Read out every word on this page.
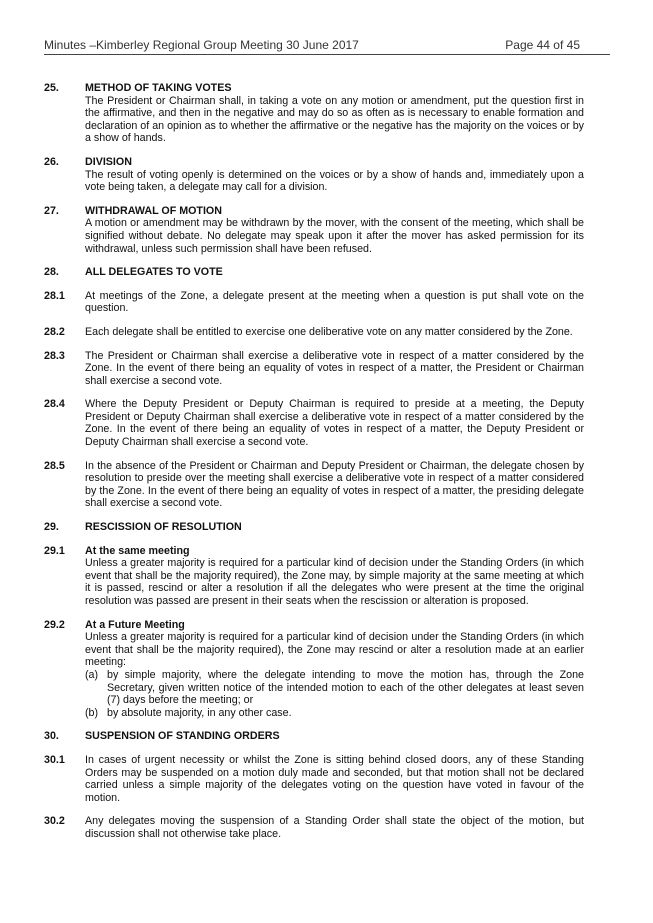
Minutes –Kimberley Regional Group Meeting 30 June 2017	Page 44 of 45
25. METHOD OF TAKING VOTES
The President or Chairman shall, in taking a vote on any motion or amendment, put the question first in the affirmative, and then in the negative and may do so as often as is necessary to enable formation and declaration of an opinion as to whether the affirmative or the negative has the majority on the voices or by a show of hands.
26. DIVISION
The result of voting openly is determined on the voices or by a show of hands and, immediately upon a vote being taken, a delegate may call for a division.
27. WITHDRAWAL OF MOTION
A motion or amendment may be withdrawn by the mover, with the consent of the meeting, which shall be signified without debate. No delegate may speak upon it after the mover has asked permission for its withdrawal, unless such permission shall have been refused.
28. ALL DELEGATES TO VOTE
28.1 At meetings of the Zone, a delegate present at the meeting when a question is put shall vote on the question.
28.2 Each delegate shall be entitled to exercise one deliberative vote on any matter considered by the Zone.
28.3 The President or Chairman shall exercise a deliberative vote in respect of a matter considered by the Zone. In the event of there being an equality of votes in respect of a matter, the President or Chairman shall exercise a second vote.
28.4 Where the Deputy President or Deputy Chairman is required to preside at a meeting, the Deputy President or Deputy Chairman shall exercise a deliberative vote in respect of a matter considered by the Zone. In the event of there being an equality of votes in respect of a matter, the Deputy President or Deputy Chairman shall exercise a second vote.
28.5 In the absence of the President or Chairman and Deputy President or Chairman, the delegate chosen by resolution to preside over the meeting shall exercise a deliberative vote in respect of a matter considered by the Zone. In the event of there being an equality of votes in respect of a matter, the presiding delegate shall exercise a second vote.
29. RESCISSION OF RESOLUTION
29.1 At the same meeting
Unless a greater majority is required for a particular kind of decision under the Standing Orders (in which event that shall be the majority required), the Zone may, by simple majority at the same meeting at which it is passed, rescind or alter a resolution if all the delegates who were present at the time the original resolution was passed are present in their seats when the rescission or alteration is proposed.
29.2 At a Future Meeting
Unless a greater majority is required for a particular kind of decision under the Standing Orders (in which event that shall be the majority required), the Zone may rescind or alter a resolution made at an earlier meeting:
(a) by simple majority, where the delegate intending to move the motion has, through the Zone Secretary, given written notice of the intended motion to each of the other delegates at least seven (7) days before the meeting; or
(b) by absolute majority, in any other case.
30. SUSPENSION OF STANDING ORDERS
30.1 In cases of urgent necessity or whilst the Zone is sitting behind closed doors, any of these Standing Orders may be suspended on a motion duly made and seconded, but that motion shall not be declared carried unless a simple majority of the delegates voting on the question have voted in favour of the motion.
30.2 Any delegates moving the suspension of a Standing Order shall state the object of the motion, but discussion shall not otherwise take place.
